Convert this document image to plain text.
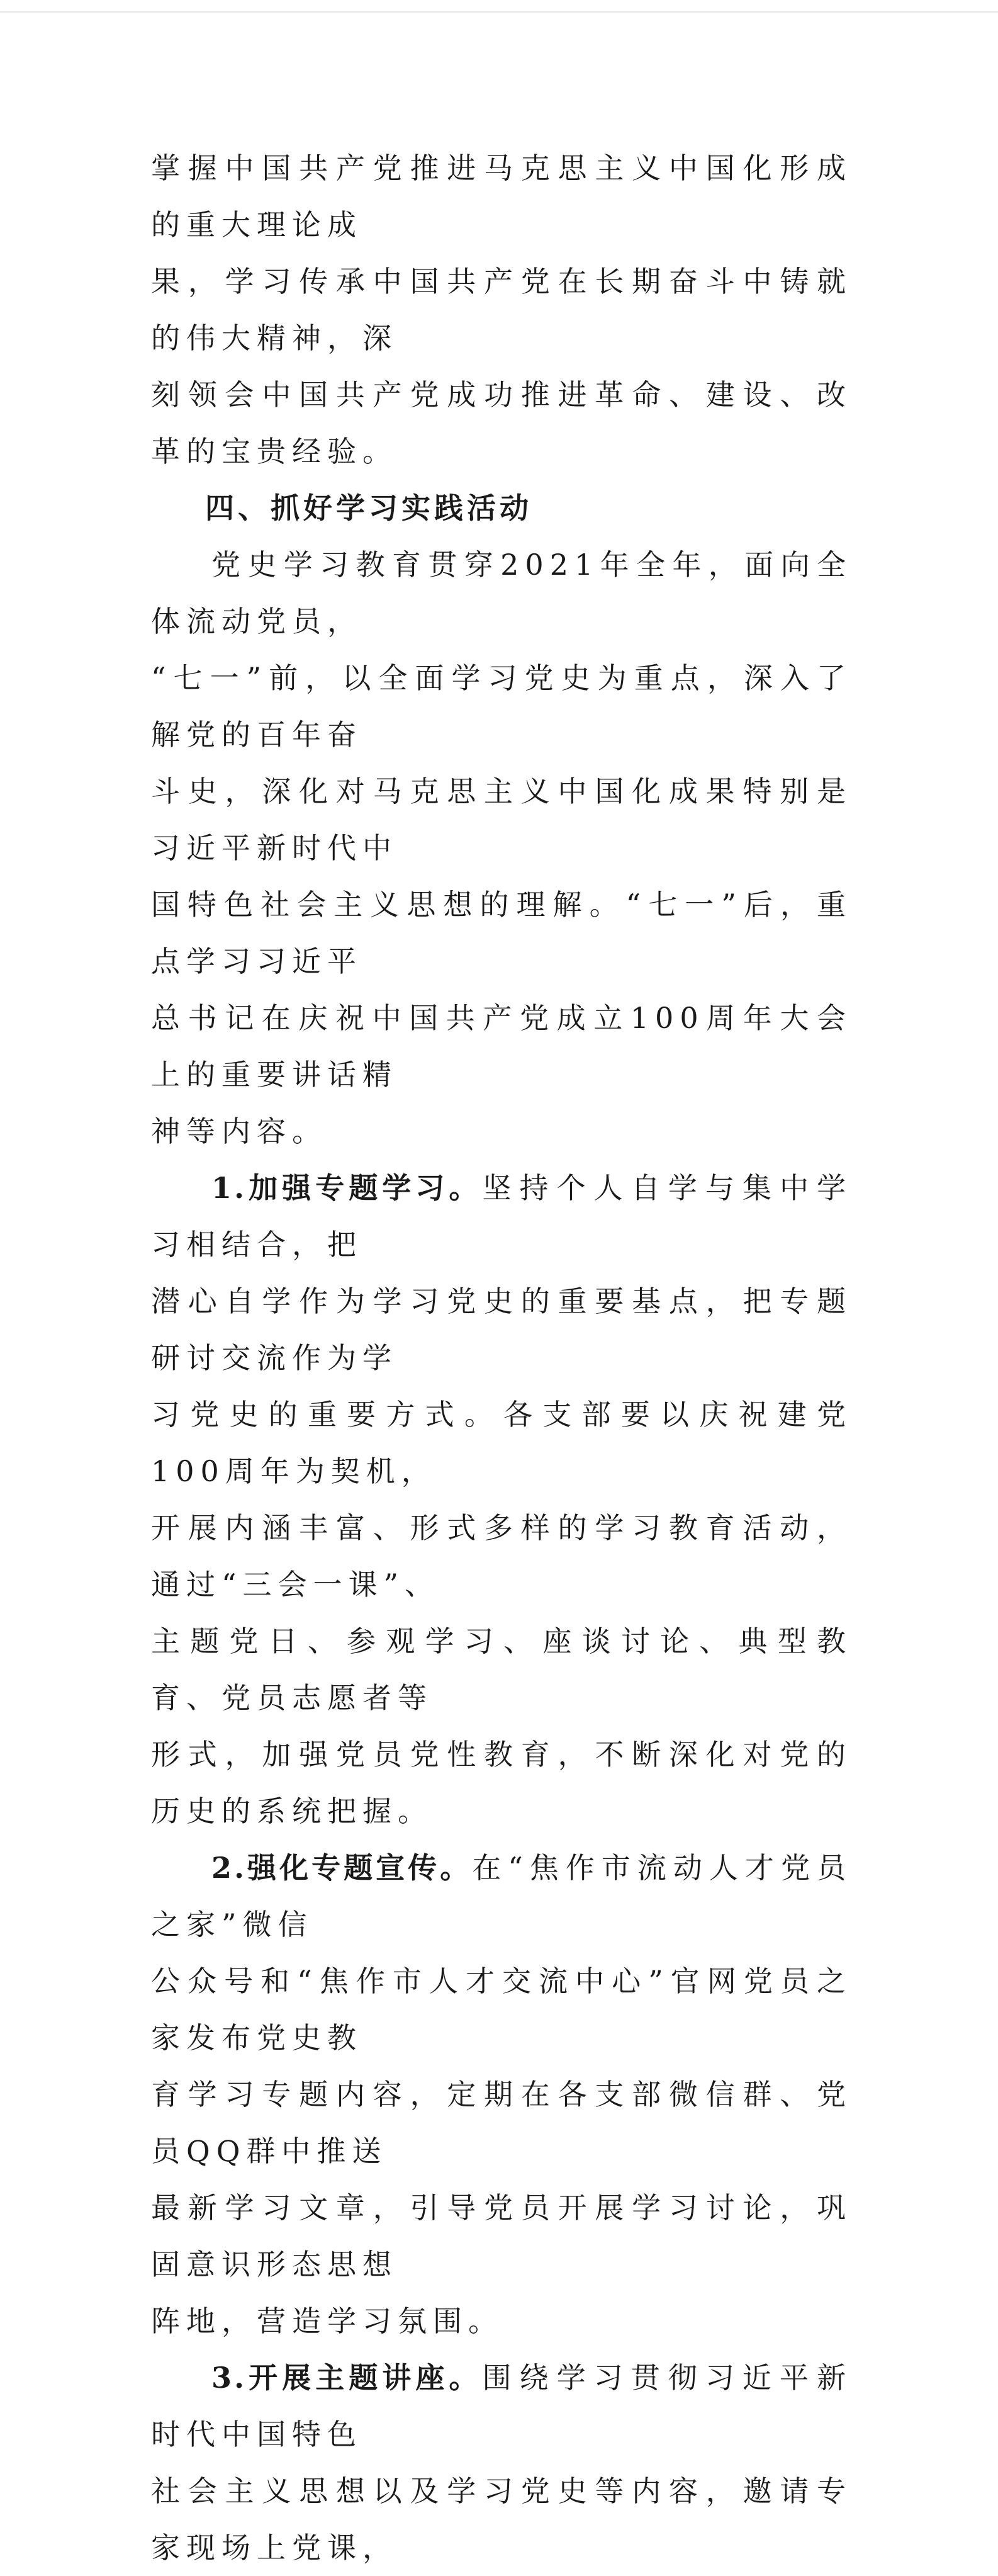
掌握中国共产党推进马克思主义中国化形成的重大理论成
果，学习传承中国共产党在长期奋斗中铸就的伟大精神，深
刻领会中国共产党成功推进革命、建设、改革的宝贵经验。
四、抓好学习实践活动
党史学习教育贯穿2021年全年，面向全体流动党员，
“七一”前，以全面学习党史为重点，深入了解党的百年奋
斗史，深化对马克思主义中国化成果特别是习近平新时代中
国特色社会主义思想的理解。“七一”后，重点学习习近平
总书记在庆祝中国共产党成立100周年大会上的重要讲话精
神等内容。
1.加强专题学习。坚持个人自学与集中学习相结合，把
潜心自学作为学习党史的重要基点，把专题研讨交流作为学
习党史的重要方式。各支部要以庆祝建党100周年为契机，
开展内涵丰富、形式多样的学习教育活动，通过“三会一课”、
主题党日、参观学习、座谈讨论、典型教育、党员志愿者等
形式，加强党员党性教育，不断深化对党的历史的系统把握。
2.强化专题宣传。在“焦作市流动人才党员之家”微信
公众号和“焦作市人才交流中心”官网党员之家发布党史教
育学习专题内容，定期在各支部微信群、党员QQ群中推送
最新学习文章，引导党员开展学习讨论，巩固意识形态思想
阵地，营造学习氛围。
3.开展主题讲座。围绕学习贯彻习近平新时代中国特色
社会主义思想以及学习党史等内容，邀请专家现场上党课，
